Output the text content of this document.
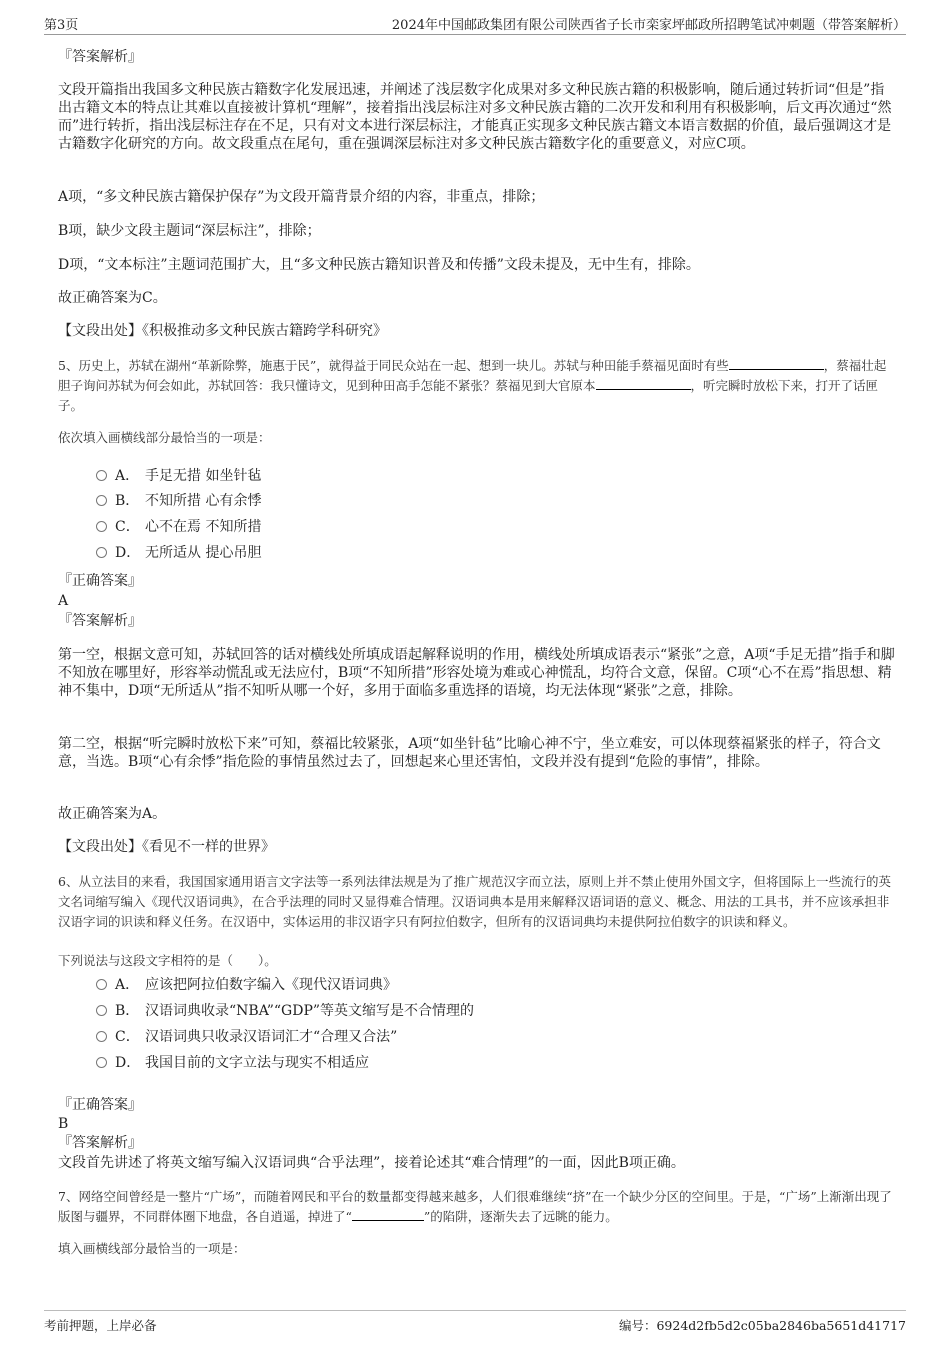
第3页	2024年中国邮政集团有限公司陕西省子长市栾家坪邮政所招聘笔试冲刺题（带答案解析）
『答案解析』
文段开篇指出我国多文种民族古籍数字化发展迅速，并阐述了浅层数字化成果对多文种民族古籍的积极影响，随后通过转折词“但是”指出古籍文本的特点让其难以直接被计算机“理解”，接着指出浅层标注对多文种民族古籍的二次开发和利用有积极影响，后文再次通过“然而”进行转折，指出浅层标注存在不足，只有对文本进行深层标注，才能真正实现多文种民族古籍文本语言数据的价值，最后强调这才是古籍数字化研究的方向。故文段重点在尾句，重在强调深层标注对多文种民族古籍数字化的重要意义，对应C项。
A项，“多文种民族古籍保护保存”为文段开篇背景介绍的内容，非重点，排除；
B项，缺少文段主题词“深层标注”，排除；
D项，“文本标注”主题词范围扩大，且“多文种民族古籍知识普及和传播”文段未提及，无中生有，排除。
故正确答案为C。
【文段出处】《积极推动多文种民族古籍跨学科研究》
5、历史上，苏轼在湖州“革新除弊，施惠于民”，就得益于同民众站在一起、想到一块儿。苏轼与种田能手蔡福见面时有些	，蔡福壮起胆子询问苏轼为何会如此，苏轼回答：我只懂诗文，见到种田高手怎能不紧张？蔡福见到大官原本	，听完瞬时放松下来，打开了话匣子。
依次填入画横线部分最恰当的一项是：
A． 手足无措 如坐针毡
B． 不知所措 心有余悸
C． 心不在焉 不知所措
D． 无所适从 提心吊胆
『正确答案』
A
『答案解析』
第一空，根据文意可知，苏轼回答的话对横线处所填成语起解释说明的作用，横线处所填成语表示“紧张”之意，A项“手足无措”指手和脚不知放在哪里好，形容举动慌乱或无法应付，B项“不知所措”形容处境为难或心神慌乱，均符合文意，保留。C项“心不在焉”指思想、精神不集中，D项“无所适从”指不知听从哪一个好，多用于面临多重选择的语境，均无法体现“紧张”之意，排除。
第二空，根据“听完瞬时放松下来”可知，蔡福比较紧张，A项“如坐针毡”比喻心神不宁，坐立难安，可以体现蔡福紧张的样子，符合文意，当选。B项“心有余悸”指危险的事情虽然过去了，回想起来心里还害怕，文段并没有提到“危险的事情”，排除。
故正确答案为A。
【文段出处】《看见不一样的世界》
6、从立法目的来看，我国国家通用语言文字法等一系列法律法规是为了推广规范汉字而立法，原则上并不禁止使用外国文字，但将国际上一些流行的英文名词缩写编入《现代汉语词典》，在合乎法理的同时又显得难合情理。汉语词典本是用来解释汉语词语的意义、概念、用法的工具书，并不应该承担非汉语字词的识读和释义任务。在汉语中，实体运用的非汉语字只有阿拉伯数字，但所有的汉语词典均未提供阿拉伯数字的识读和释义。
下列说法与这段文字相符的是（　　）。
A． 应该把阿拉伯数字编入《现代汉语词典》
B． 汉语词典收录“NBA”“GDP”等英文缩写是不合情理的
C． 汉语词典只收录汉语词汇才“合理又合法”
D． 我国目前的文字立法与现实不相适应
『正确答案』
B
『答案解析』
文段首先讲述了将英文缩写编入汉语词典“合乎法理”，接着论述其“难合情理”的一面，因此B项正确。
7、网络空间曾经是一整片“广场”，而随着网民和平台的数量都变得越来越多，人们很难继续“挤”在一个缺少分区的空间里。于是，“广场”上渐渐出现了版图与疆界，不同群体圈下地盘，各自逍遥，掉进了“	”的陷阱，逐渐失去了远眺的能力。
填入画横线部分最恰当的一项是：
考前押题，上岸必备	编号：6924d2fb5d2c05ba2846ba5651d41717
